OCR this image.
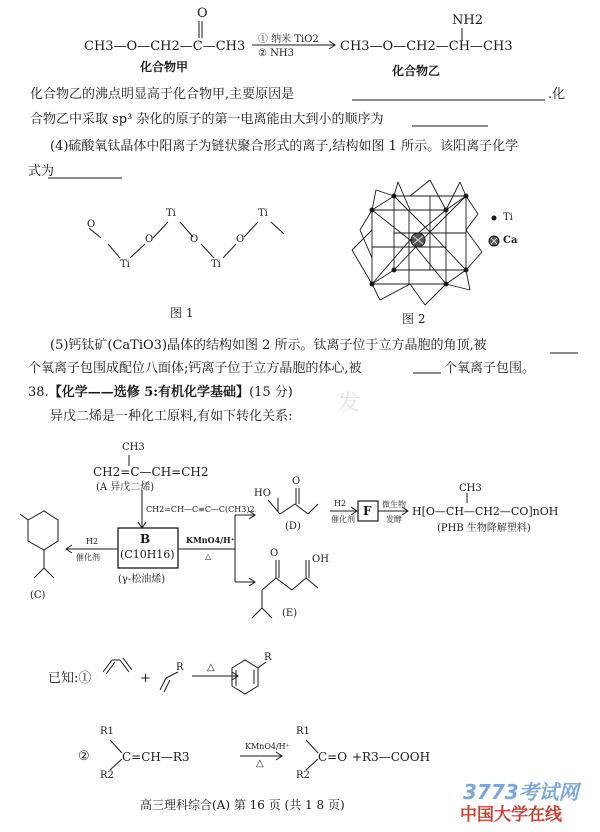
O
CH3—O—CH2—C—CH3 ① 纳米 TiO2
② NH3
NH2
CH3—O—CH2—CH—CH3
化合物甲	化合物乙
化合物乙的沸点明显高于化合物甲,主要原因是	.化
合物乙中采取 sp³ 杂化的原子的第一电离能由大到小的顺序为
(4)硫酸氧钛晶体中阳离子为链状聚合形式的离子,结构如图 1 所示。该阳离子化学
式为
O
O	O	O
Ti
Ti
Ti
Ti
图 1
Ti
Ca
图 2
(5)钙钛矿(CaTiO3)晶体的结构如图 2 所示。钛离子位于立方晶胞的角顶,被
个氧离子包围成配位八面体;钙离子位于立方晶胞的体心,被	个氧离子包围。
38.【化学——选修 5:有机化学基础】(15 分)
异戊二烯是一种化工原料,有如下转化关系:
CH3
CH2=C—CH=CH2
(A 异戊二烯)
CH2=CH—C≡C—C(CH3)2
B
(C10H16)
(γ-松油烯)
H2
催化剂
(C)
KMnO4/H⁺
△
HO
O
(D)
H2
催化剂
F 微生物
发酵
CH3
H[O—CH—CH2—CO]nOH
(PHB 生物降解塑料)
O
OH
(E)
已知:①	+
R △
R
②
R1
R2
C=CH—R3
KMnO4/H⁺
△
R1
R2
C=O +R3—COOH
高三理科综合(A) 第 16 页 (共 1 8 页)
发
3773考试网
中国大学在线
